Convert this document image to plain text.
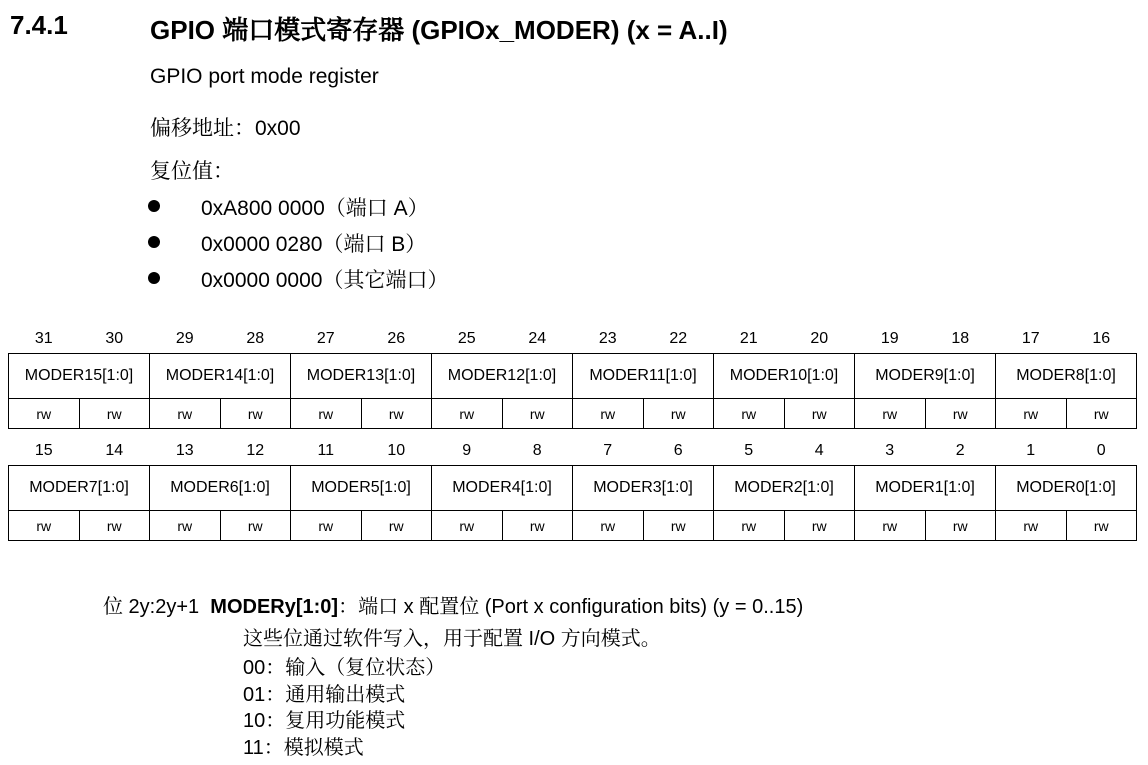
7.4.1	GPIO 端口模式寄存器 (GPIOx_MODER) (x = A..I)
GPIO port mode register
偏移地址：0x00
复位值：
0xA800 0000（端口 A）
0x0000 0280（端口 B）
0x0000 0000（其它端口）
31	30	29	28	27	26	25	24	23	22	21	20	19	18	17	16
MODER15[1:0]		MODER14[1:0]		MODER13[1:0]		MODER12[1:0]		MODER11[1:0]		MODER10[1:0]		MODER9[1:0]		MODER8[1:0]	
rw	rw	rw	rw	rw	rw	rw	rw	rw	rw	rw	rw	rw	rw	rw	rw
15	14	13	12	11	10	9	8	7	6	5	4	3	2	1	0
MODER7[1:0]		MODER6[1:0]		MODER5[1:0]		MODER4[1:0]		MODER3[1:0]		MODER2[1:0]		MODER1[1:0]		MODER0[1:0]	
rw	rw	rw	rw	rw	rw	rw	rw	rw	rw	rw	rw	rw	rw	rw	rw
位 2y:2y+1 MODERy[1:0]：端口 x 配置位 (Port x configuration bits) (y = 0..15)
这些位通过软件写入，用于配置 I/O 方向模式。
00：输入（复位状态）
01：通用输出模式
10：复用功能模式
11：模拟模式
